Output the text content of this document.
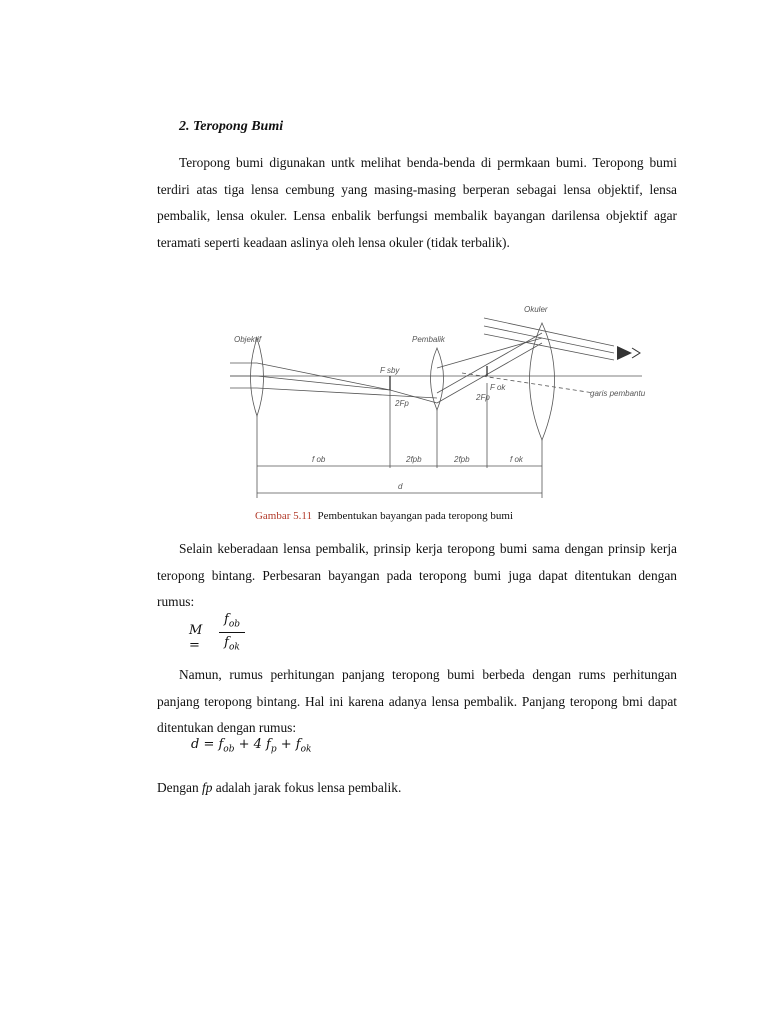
2. Teropong Bumi

Teropong bumi digunakan untk melihat benda-benda di permkaan bumi. Teropong bumi terdiri atas tiga lensa cembung yang masing-masing berperan sebagai lensa objektif, lensa pembalik, lensa okuler. Lensa enbalik berfungsi membalik bayangan darilensa objektif agar teramati seperti keadaan aslinya oleh lensa okuler (tidak terbalik).

Objektif	Pembalik
Okuler
F sby
2Fp
F ok
2Fp	garis pembantu
f ob	2fpb	2fpb	f ok
d
Gambar 5.11 Pembentukan bayangan pada teropong bumi

Selain keberadaan lensa pembalik, prinsip kerja teropong bumi sama dengan prinsip kerja teropong bintang. Perbesaran bayangan pada teropong bumi juga dapat ditentukan dengan rumus:

M =
$f_{ob}$
$f_{ok}$

Namun, rumus perhitungan panjang teropong bumi berbeda dengan rums perhitungan panjang teropong bintang. Hal ini karena adanya lensa pembalik. Panjang teropong bmi dapat ditentukan dengan rumus:

$d = f_{ob} + 4$ $f_p + f_{ok}$

Dengan fp adalah jarak fokus lensa pembalik.
